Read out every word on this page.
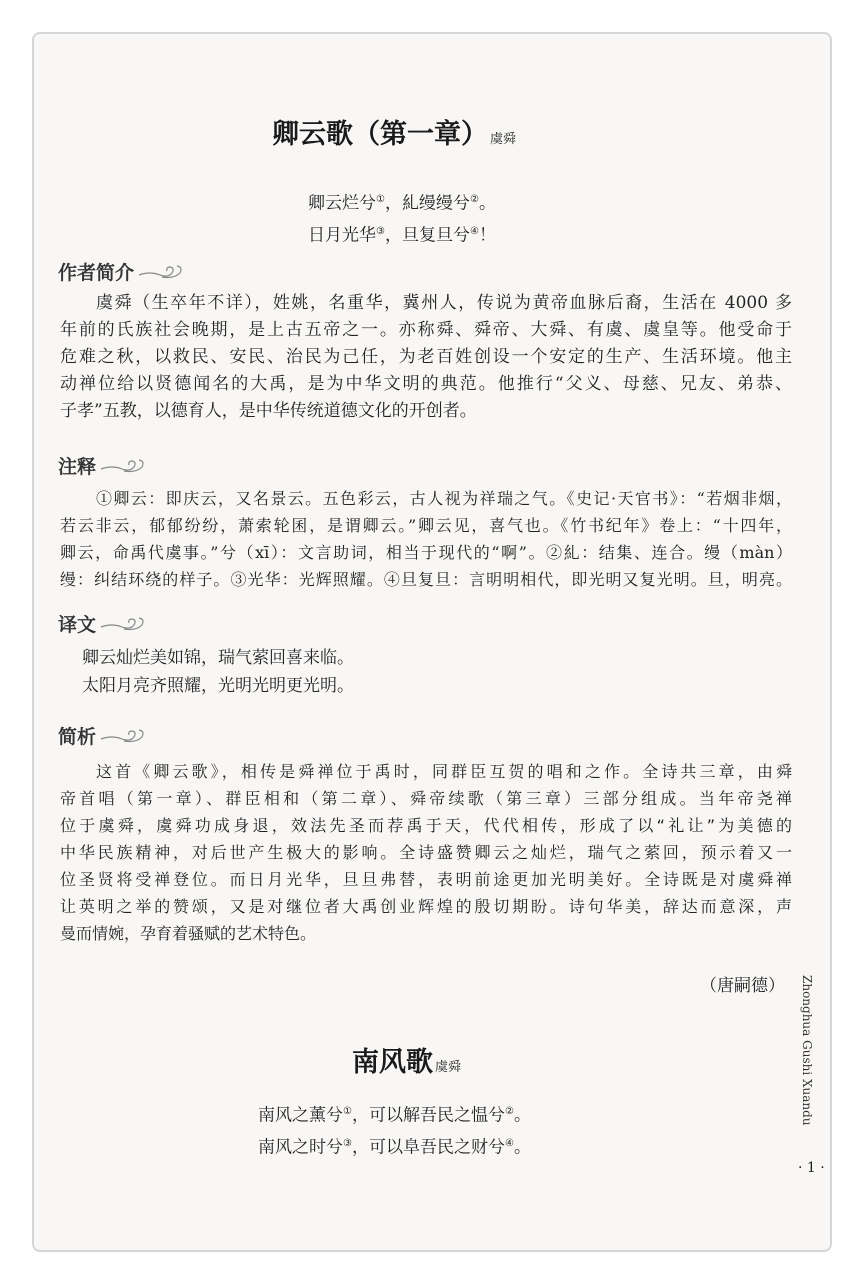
卿云歌（第一章） 虞舜
卿云烂兮①，糺缦缦兮②。
日月光华③，旦复旦兮④！
作者简介
虞舜（生卒年不详），姓姚，名重华，冀州人，传说为黄帝血脉后裔，生活在 4000 多
年前的氏族社会晚期，是上古五帝之一。亦称舜、舜帝、大舜、有虞、虞皇等。他受命于
危难之秋，以救民、安民、治民为己任，为老百姓创设一个安定的生产、生活环境。他主
动禅位给以贤德闻名的大禹，是为中华文明的典范。他推行“父义、母慈、兄友、弟恭、
子孝”五教，以德育人，是中华传统道德文化的开创者。
注释
①卿云：即庆云，又名景云。五色彩云，古人视为祥瑞之气。《史记·天官书》：“若烟非烟，
若云非云，郁郁纷纷，萧索轮囷，是谓卿云。”卿云见，喜气也。《竹书纪年》卷上：“十四年，
卿云，命禹代虞事。”兮（xī）：文言助词，相当于现代的“啊”。②糺：结集、连合。缦（màn）
缦：纠结环绕的样子。③光华：光辉照耀。④旦复旦：言明明相代，即光明又复光明。旦，明亮。
译文
卿云灿烂美如锦，瑞气萦回喜来临。
太阳月亮齐照耀，光明光明更光明。
简析
这首《卿云歌》，相传是舜禅位于禹时，同群臣互贺的唱和之作。全诗共三章，由舜
帝首唱（第一章）、群臣相和（第二章）、舜帝续歌（第三章）三部分组成。当年帝尧禅
位于虞舜，虞舜功成身退，效法先圣而荐禹于天，代代相传，形成了以“礼让”为美德的
中华民族精神，对后世产生极大的影响。全诗盛赞卿云之灿烂，瑞气之萦回，预示着又一
位圣贤将受禅登位。而日月光华，旦旦弗替，表明前途更加光明美好。全诗既是对虞舜禅
让英明之举的赞颂，又是对继位者大禹创业辉煌的殷切期盼。诗句华美，辞达而意深，声
曼而情婉，孕育着骚赋的艺术特色。
（唐嗣德）
南风歌 虞舜
南风之薰兮①，可以解吾民之愠兮②。
南风之时兮③，可以阜吾民之财兮④。
Zhonghua Gushi Xuandu
· 1 ·
